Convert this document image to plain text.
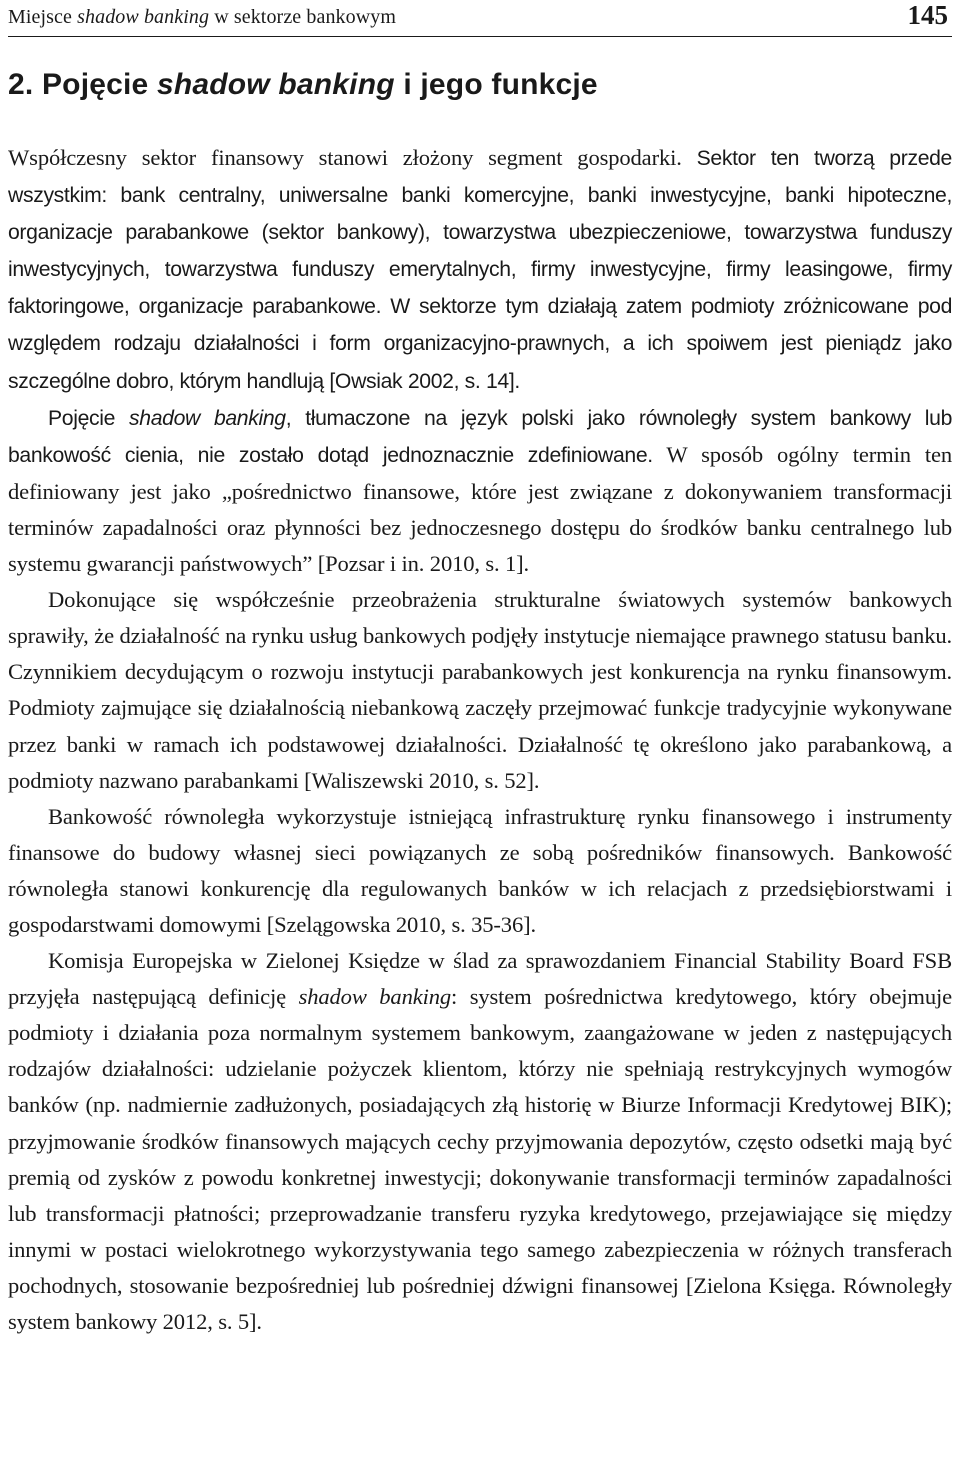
Miejsce shadow banking w sektorze bankowym	145
2. Pojęcie shadow banking i jego funkcje

Współczesny sektor finansowy stanowi złożony segment gospodarki. Sektor ten tworzą przede wszystkim: bank centralny, uniwersalne banki komercyjne, banki inwestycyjne, banki hipoteczne, organizacje parabankowe (sektor bankowy), towarzystwa ubezpieczeniowe, towarzystwa funduszy inwestycyjnych, towarzystwa funduszy emerytalnych, firmy inwestycyjne, firmy leasingowe, firmy faktoringowe, organizacje parabankowe. W sektorze tym działają zatem podmioty zróżnicowane pod względem rodzaju działalności i form organizacyjno-prawnych, a ich spoiwem jest pieniądz jako szczególne dobro, którym handlują [Owsiak 2002, s. 14].

Pojęcie shadow banking, tłumaczone na język polski jako równoległy system bankowy lub bankowość cienia, nie zostało dotąd jednoznacznie zdefiniowane. W sposób ogólny termin ten definiowany jest jako „pośrednictwo finansowe, które jest związane z dokonywaniem transformacji terminów zapadalności oraz płynności bez jednoczesnego dostępu do środków banku centralnego lub systemu gwarancji państwowych” [Pozsar i in. 2010, s. 1].

Dokonujące się współcześnie przeobrażenia strukturalne światowych systemów bankowych sprawiły, że działalność na rynku usług bankowych podjęły instytucje niemające prawnego statusu banku. Czynnikiem decydującym o rozwoju instytucji parabankowych jest konkurencja na rynku finansowym. Podmioty zajmujące się działalnością niebankową zaczęły przejmować funkcje tradycyjnie wykonywane przez banki w ramach ich podstawowej działalności. Działalność tę określono jako parabankową, a podmioty nazwano parabankami [Waliszewski 2010, s. 52].

Bankowość równoległa wykorzystuje istniejącą infrastrukturę rynku finansowego i instrumenty finansowe do budowy własnej sieci powiązanych ze sobą pośredników finansowych. Bankowość równoległa stanowi konkurencję dla regulowanych banków w ich relacjach z przedsiębiorstwami i gospodarstwami domowymi [Szelągowska 2010, s. 35-36].

Komisja Europejska w Zielonej Księdze w ślad za sprawozdaniem Financial Stability Board FSB przyjęła następującą definicję shadow banking: system pośrednictwa kredytowego, który obejmuje podmioty i działania poza normalnym systemem bankowym, zaangażowane w jeden z następujących rodzajów działalności: udzielanie pożyczek klientom, którzy nie spełniają restrykcyjnych wymogów banków (np. nadmiernie zadłużonych, posiadających złą historię w Biurze Informacji Kredytowej BIK); przyjmowanie środków finansowych mających cechy przyjmowania depozytów, często odsetki mają być premią od zysków z powodu konkretnej inwestycji; dokonywanie transformacji terminów zapadalności lub transformacji płatności; przeprowadzanie transferu ryzyka kredytowego, przejawiające się między innymi w postaci wielokrotnego wykorzystywania tego samego zabezpieczenia w różnych transferach pochodnych, stosowanie bezpośredniej lub pośredniej dźwigni finansowej [Zielona Księga. Równoległy system bankowy 2012, s. 5].
